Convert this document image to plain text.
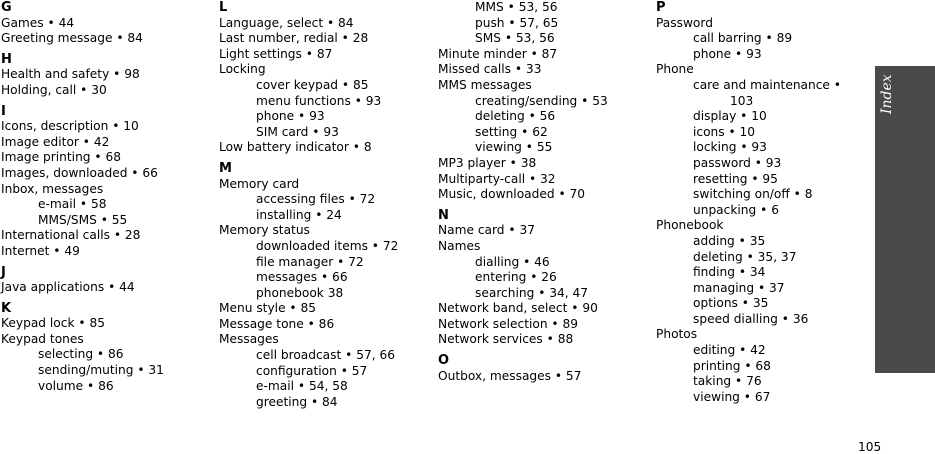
G
Games • 44
Greeting message • 84
H
Health and safety • 98
Holding, call • 30
I
Icons, description • 10
Image editor • 42
Image printing • 68
Images, downloaded • 66
Inbox, messages
e-mail • 58
MMS/SMS • 55
International calls • 28
Internet • 49
J
Java applications • 44
K
Keypad lock • 85
Keypad tones
selecting • 86
sending/muting • 31
volume • 86
L
Language, select • 84
Last number, redial • 28
Light settings • 87
Locking
cover keypad • 85
menu functions • 93
phone • 93
SIM card • 93
Low battery indicator • 8
M
Memory card
accessing files • 72
installing • 24
Memory status
downloaded items • 72
file manager • 72
messages • 66
phonebook 38
Menu style • 85
Message tone • 86
Messages
cell broadcast • 57, 66
configuration • 57
e-mail • 54, 58
greeting • 84
MMS • 53, 56
push • 57, 65
SMS • 53, 56
Minute minder • 87
Missed calls • 33
MMS messages
creating/sending • 53
deleting • 56
setting • 62
viewing • 55
MP3 player • 38
Multiparty-call • 32
Music, downloaded • 70
N
Name card • 37
Names
dialling • 46
entering • 26
searching • 34, 47
Network band, select • 90
Network selection • 89
Network services • 88
O
Outbox, messages • 57
P
Password
call barring • 89
phone • 93
Phone
care and maintenance •
103
display • 10
icons • 10
locking • 93
password • 93
resetting • 95
switching on/off • 8
unpacking • 6
Phonebook
adding • 35
deleting • 35, 37
finding • 34
managing • 37
options • 35
speed dialling • 36
Photos
editing • 42
printing • 68
taking • 76
viewing • 67
Index
105
